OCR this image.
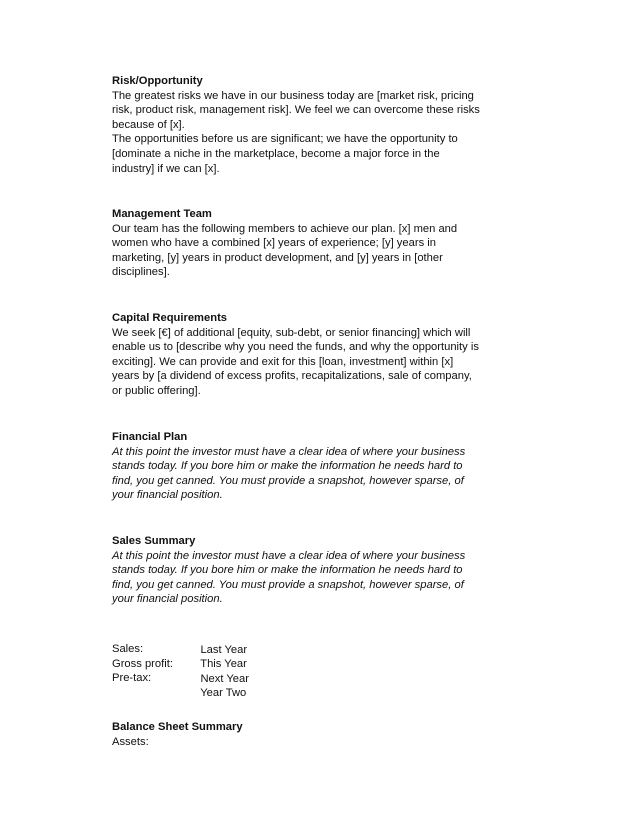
Risk/Opportunity
The greatest risks we have in our business today are [market risk, pricing
risk, product risk, management risk]. We feel we can overcome these risks
because of [x].
The opportunities before us are significant; we have the opportunity to
[dominate a niche in the marketplace, become a major force in the
industry] if we can [x].
Management Team
Our team has the following members to achieve our plan. [x] men and
women who have a combined [x] years of experience; [y] years in
marketing, [y] years in product development, and [y] years in [other
disciplines].
Capital Requirements
We seek [€] of additional [equity, sub-debt, or senior financing] which will
enable us to [describe why you need the funds, and why the opportunity is
exciting]. We can provide and exit for this [loan, investment] within [x]
years by [a dividend of excess profits, recapitalizations, sale of company,
or public offering].
Financial Plan
At this point the investor must have a clear idea of where your business
stands today. If you bore him or make the information he needs hard to
find, you get canned. You must provide a snapshot, however sparse, of
your financial position.
Sales Summary
At this point the investor must have a clear idea of where your business
stands today. If you bore him or make the information he needs hard to
find, you get canned. You must provide a snapshot, however sparse, of
your financial position.

Last Year
This Year
Next Year
Year Two

Sales:
Gross profit:
Pre-tax:
Balance Sheet Summary
Assets:
